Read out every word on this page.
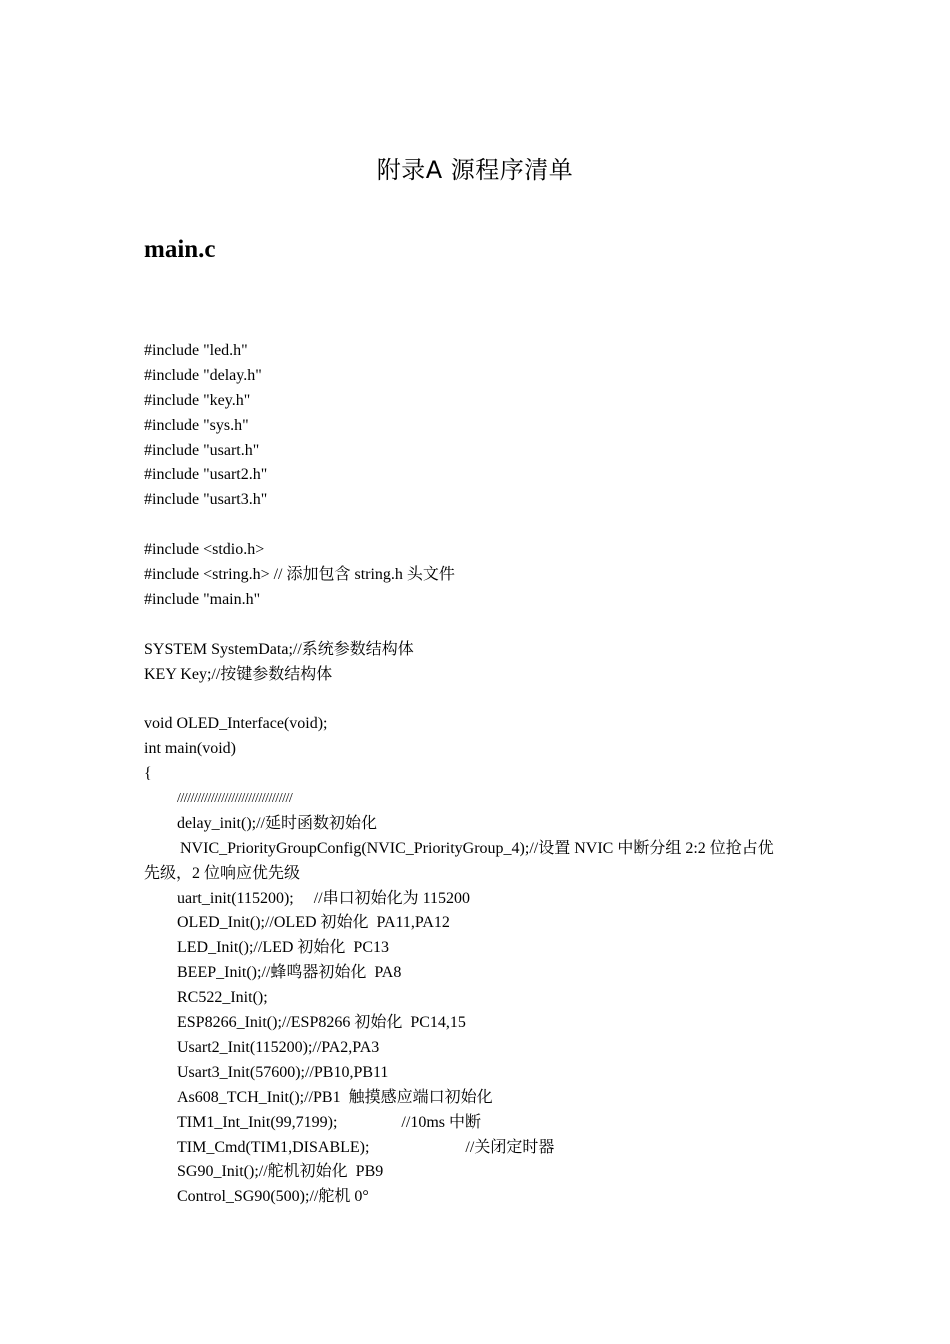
附录A 源程序清单
main.c
#include "led.h"
#include "delay.h"
#include "key.h"
#include "sys.h"
#include "usart.h"
#include "usart2.h"
#include "usart3.h"
#include <stdio.h>
#include <string.h> // 添加包含 string.h 头文件
#include "main.h"
SYSTEM SystemData;//系统参数结构体
KEY Key;//按键参数结构体
void OLED_Interface(void);
int main(void)
{
//////////////////////////////////
delay_init();//延时函数初始化
NVIC_PriorityGroupConfig(NVIC_PriorityGroup_4);//设置 NVIC 中断分组 2:2 位抢占优
先级，2 位响应优先级
uart_init(115200);     //串口初始化为 115200
OLED_Init();//OLED 初始化  PA11,PA12
LED_Init();//LED 初始化  PC13
BEEP_Init();//蜂鸣器初始化  PA8
RC522_Init();
ESP8266_Init();//ESP8266 初始化  PC14,15
Usart2_Init(115200);//PA2,PA3
Usart3_Init(57600);//PB10,PB11
As608_TCH_Init();//PB1  触摸感应端口初始化
TIM1_Int_Init(99,7199);                //10ms 中断
TIM_Cmd(TIM1,DISABLE);                        //关闭定时器
SG90_Init();//舵机初始化  PB9
Control_SG90(500);//舵机 0°
